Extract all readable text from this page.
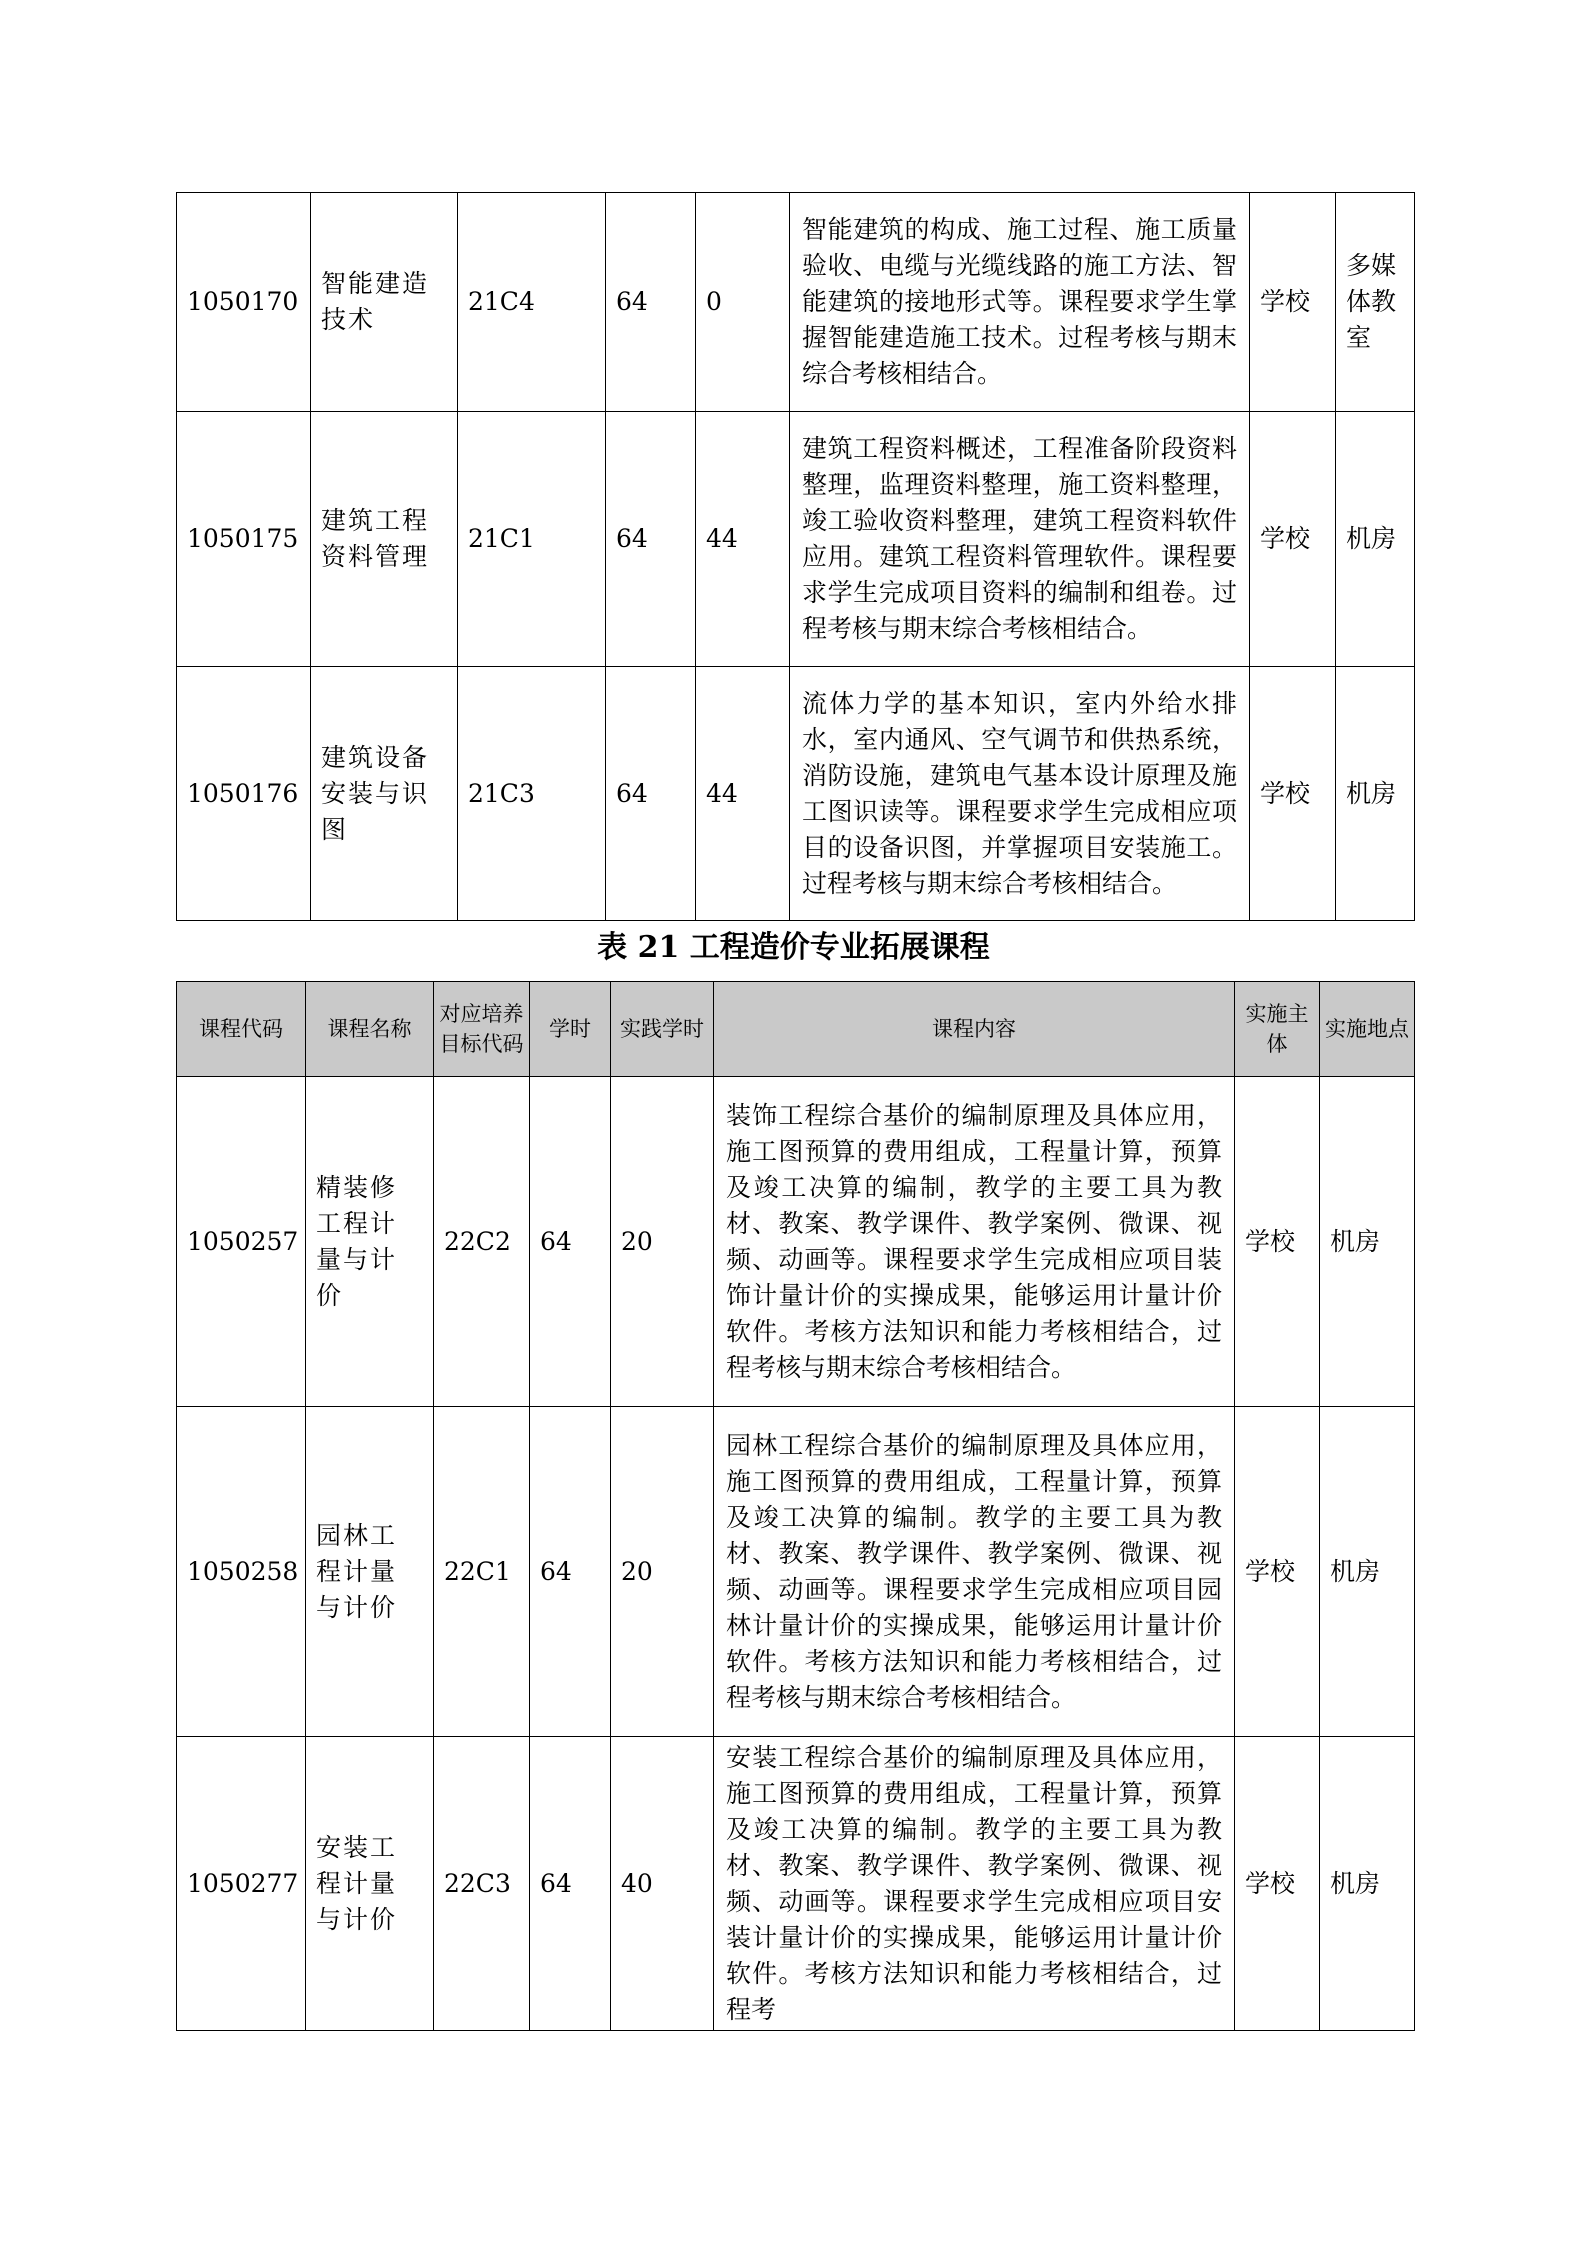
1050170	智能建造技术	21C4	64	0	智能建筑的构成、施工过程、施工质量验收、电缆与光缆线路的施工方法、智能建筑的接地形式等。课程要求学生掌握智能建造施工技术。过程考核与期末综合考核相结合。	学校	多媒体教室
1050175	建筑工程资料管理	21C1	64	44	建筑工程资料概述，工程准备阶段资料整理，监理资料整理，施工资料整理，竣工验收资料整理，建筑工程资料软件应用。建筑工程资料管理软件。课程要求学生完成项目资料的编制和组卷。过程考核与期末综合考核相结合。	学校	机房
1050176	建筑设备安装与识图	21C3	64	44	流体力学的基本知识，室内外给水排水，室内通风、空气调节和供热系统，消防设施，建筑电气基本设计原理及施工图识读等。课程要求学生完成相应项目的设备识图，并掌握项目安装施工。过程考核与期末综合考核相结合。	学校	机房
表 21 工程造价专业拓展课程
课程代码	课程名称	对应培养目标代码	学时	实践学时	课程内容	实施主体	实施地点
1050257	精装修工程计量与计价	22C2	64	20	装饰工程综合基价的编制原理及具体应用，施工图预算的费用组成，工程量计算，预算及竣工决算的编制，教学的主要工具为教材、教案、教学课件、教学案例、微课、视频、动画等。课程要求学生完成相应项目装饰计量计价的实操成果，能够运用计量计价软件。考核方法知识和能力考核相结合，过程考核与期末综合考核相结合。	学校	机房
1050258	园林工程计量与计价	22C1	64	20	园林工程综合基价的编制原理及具体应用，施工图预算的费用组成，工程量计算，预算及竣工决算的编制。教学的主要工具为教材、教案、教学课件、教学案例、微课、视频、动画等。课程要求学生完成相应项目园林计量计价的实操成果，能够运用计量计价软件。考核方法知识和能力考核相结合，过程考核与期末综合考核相结合。	学校	机房
1050277	安装工程计量与计价	22C3	64	40	安装工程综合基价的编制原理及具体应用，施工图预算的费用组成，工程量计算，预算及竣工决算的编制。教学的主要工具为教材、教案、教学课件、教学案例、微课、视频、动画等。课程要求学生完成相应项目安装计量计价的实操成果，能够运用计量计价软件。考核方法知识和能力考核相结合，过程考	学校	机房
